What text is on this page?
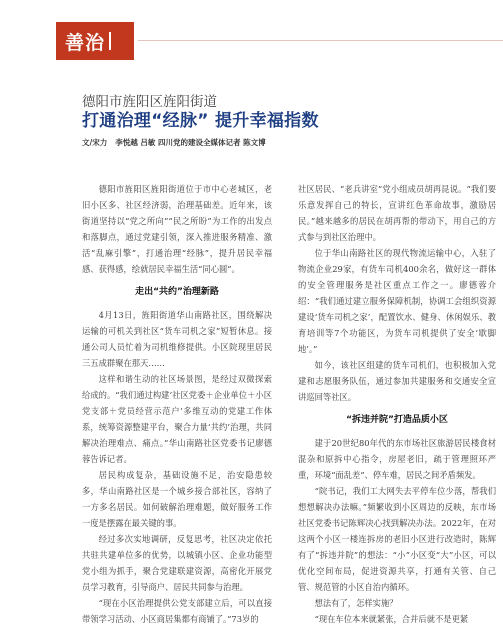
善治
德阳市旌阳区旌阳街道
打通治理“经脉” 提升幸福指数
文/宋力 李悦越 吕敏 四川党的建设全媒体记者 陈文博

德阳市旌阳区旌阳街道位于市中心老城区，老旧小区多、社区经济弱，治理基础差。近年来，该街道坚持以“党之所向”“民之所盼”为工作的出发点和落脚点，通过党建引领，深入推进服务精准、激活“乱麻引擎”，打通治理“经脉”，提升居民幸福感、获得感，绘就居民幸福生活“同心圆”。

走出“共约”治理新路

4月13日，旌阳街道华山南路社区，围绕解决运输的可机关到社区“货车司机之家”短暂休息。接通公司人员忙着为司机维修提供。小区院现里居民三五成群聚在那天……

这样和谐生动的社区场景图，是经过双微探索给成的。“我们通过构建‘社区党委＋企业单位＋小区党支部＋党员经营示范户’多维互动的党建工作体系，统筹资源整建平台，聚合力量‘共约’治理，共同解决治理难点、痛点。”华山南路社区党委书记廖德蓉告诉记者。

居民构成复杂，基础设施不足，治安隐患较多，华山南路社区是一个城乡接合部社区，容纳了一方多名居民。如何破解治理难题，做好服务工作一度是摆露在最关键的事。

经过多次实地调研，反复思考，社区决定依托共驻共建单位多的优势，以城镇小区、企业功能型党小组为抓手，聚合党建联建资源，高密化开展党员学习教育，引导商户、居民共同参与治理。

“现在小区治理提供公党支部建立后，可以直接带领学习活动、小区商居集都有商铺了。”73岁的

社区居民、“老兵讲室”党小组成员胡再昆说。“我们要乐意发挥自己的特长，宣讲红色革命故事，激励居民。”越来越多的居民在胡再帮的带动下，用自己的方式参与到社区治理中。

位于华山南路社区的现代物流运输中心，入驻了物流企业29家，有货车司机400余名，做好这一群体的安全管理服务是社区重点工作之一。廖德蓉介绍：“我们通过建立服务保障机制，协调工会组织资源建设‘货车司机之家’，配置饮水、健身、休闲娱乐、教育培训等7个功能区，为货车司机提供了安全‘歇脚地’。”

如今，该社区组建的货车司机们，也积极加入党建和志愿服务队伍，通过参加共建服务和交通安全宣讲巡回等社区。

“拆违并院”打造品质小区

建于20世纪80年代的东市场社区旅游居民楼食材混杂和原拆中心指令，房屋老旧，疏于管理照环严重，环境“面乱差”、停车难，居民之间矛盾频发。

“院书记，我们工大网失去平停车位少落，帮我们想想解决办法嘛。”频繁收到小区周边的反映，东市场社区党委书记陈辉决心找到解决办法。2022年，在对这两个小区一楼连拆房的老旧小区进行改造时，陈辉有了“拆违并院”的想法：“小”小区变“大”小区，可以优化空间布局，促进资源共享，打通有关管、自己管、规范管的小区自治内循环。

想法有了，怎样实施？

“现在车位本来就紧张，合并后就不是更紧
